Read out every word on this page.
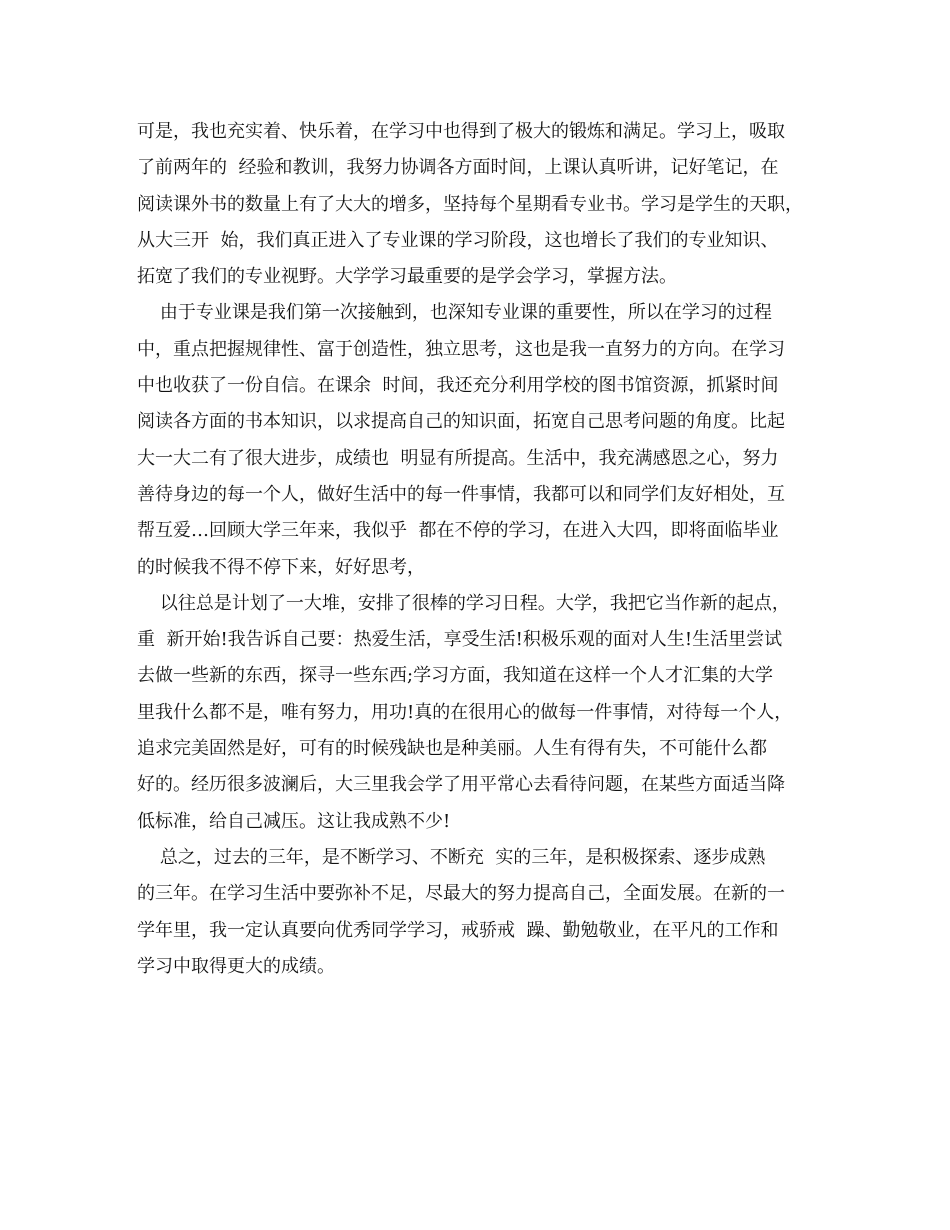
可是，我也充实着、快乐着，在学习中也得到了极大的锻炼和满足。学习上，吸取
了前两年的  经验和教训，我努力协调各方面时间，上课认真听讲，记好笔记，在
阅读课外书的数量上有了大大的增多，坚持每个星期看专业书。学习是学生的天职，
从大三开  始，我们真正进入了专业课的学习阶段，这也增长了我们的专业知识、
拓宽了我们的专业视野。大学学习最重要的是学会学习，掌握方法。
由于专业课是我们第一次接触到，也深知专业课的重要性，所以在学习的过程
中，重点把握规律性、富于创造性，独立思考，这也是我一直努力的方向。在学习
中也收获了一份自信。在课余  时间，我还充分利用学校的图书馆资源，抓紧时间
阅读各方面的书本知识，以求提高自己的知识面，拓宽自己思考问题的角度。比起
大一大二有了很大进步，成绩也  明显有所提高。生活中，我充满感恩之心，努力
善待身边的每一个人，做好生活中的每一件事情，我都可以和同学们友好相处，互
帮互爱…回顾大学三年来，我似乎  都在不停的学习，在进入大四，即将面临毕业
的时候我不得不停下来，好好思考，
以往总是计划了一大堆，安排了很棒的学习日程。大学，我把它当作新的起点，
重  新开始!我告诉自己要：热爱生活，享受生活!积极乐观的面对人生!生活里尝试
去做一些新的东西，探寻一些东西;学习方面，我知道在这样一个人才汇集的大学
里我什么都不是，唯有努力，用功!真的在很用心的做每一件事情，对待每一个人，
追求完美固然是好，可有的时候残缺也是种美丽。人生有得有失，不可能什么都
好的。经历很多波澜后，大三里我会学了用平常心去看待问题，在某些方面适当降
低标准，给自己减压。这让我成熟不少!
总之，过去的三年，是不断学习、不断充  实的三年，是积极探索、逐步成熟
的三年。在学习生活中要弥补不足，尽最大的努力提高自己，全面发展。在新的一
学年里，我一定认真要向优秀同学学习，戒骄戒  躁、勤勉敬业，在平凡的工作和
学习中取得更大的成绩。
